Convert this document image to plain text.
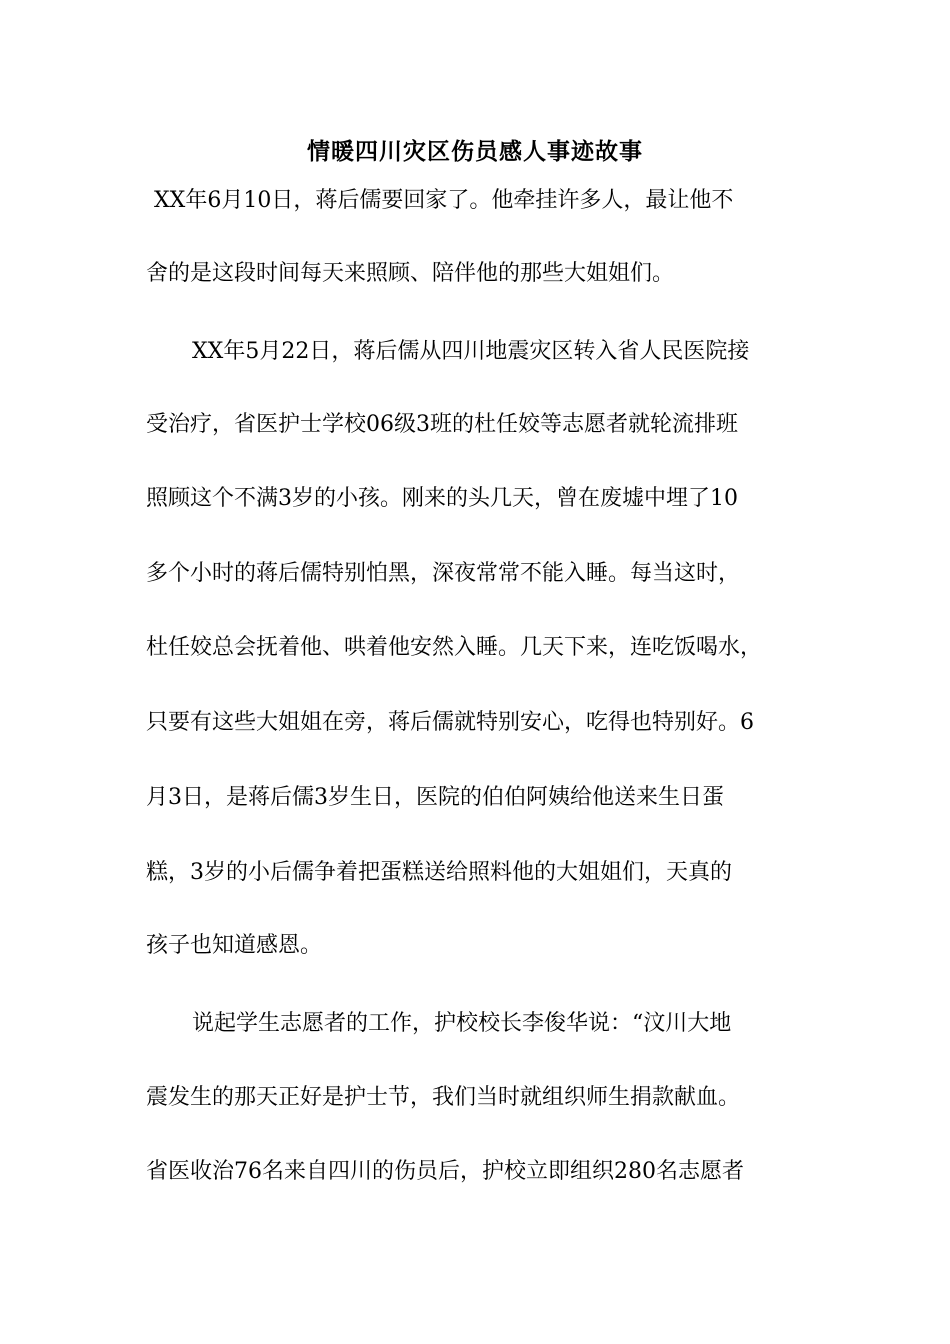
情暖四川灾区伤员感人事迹故事
XX年6月10日，蒋后儒要回家了。他牵挂许多人，最让他不
舍的是这段时间每天来照顾、陪伴他的那些大姐姐们。
XX年5月22日，蒋后儒从四川地震灾区转入省人民医院接
受治疗，省医护士学校06级3班的杜任姣等志愿者就轮流排班
照顾这个不满3岁的小孩。刚来的头几天，曾在废墟中埋了10
多个小时的蒋后儒特别怕黑，深夜常常不能入睡。每当这时，
杜任姣总会抚着他、哄着他安然入睡。几天下来，连吃饭喝水，
只要有这些大姐姐在旁，蒋后儒就特别安心，吃得也特别好。6
月3日，是蒋后儒3岁生日，医院的伯伯阿姨给他送来生日蛋
糕，3岁的小后儒争着把蛋糕送给照料他的大姐姐们，天真的
孩子也知道感恩。
说起学生志愿者的工作，护校校长李俊华说：“汶川大地
震发生的那天正好是护士节，我们当时就组织师生捐款献血。
省医收治76名来自四川的伤员后，护校立即组织280名志愿者
